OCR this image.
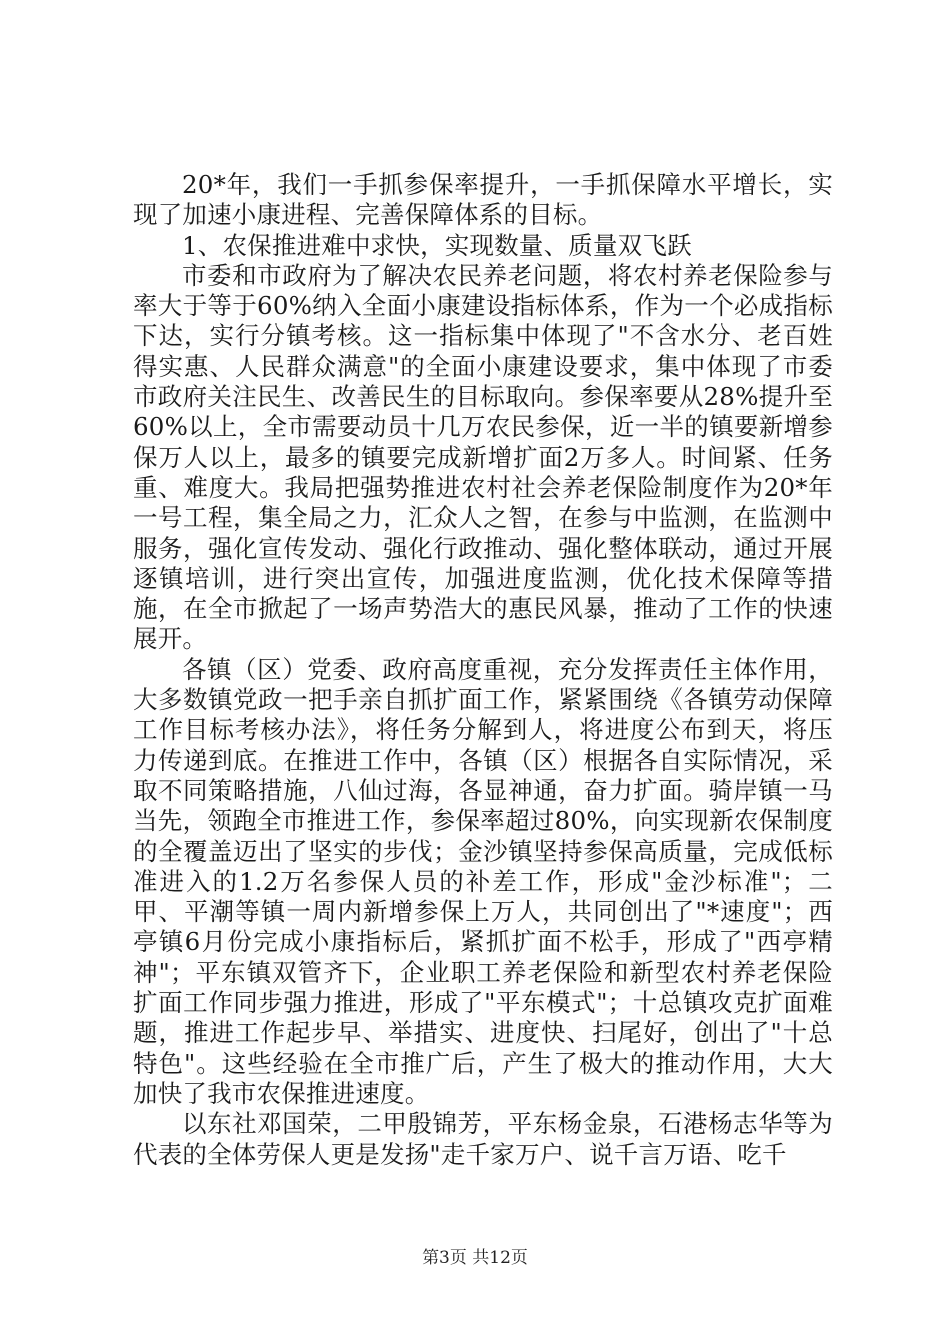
20*年，我们一手抓参保率提升，一手抓保障水平增长，实现了加速小康进程、完善保障体系的目标。

1、农保推进难中求快，实现数量、质量双飞跃

市委和市政府为了解决农民养老问题，将农村养老保险参与率大于等于60%纳入全面小康建设指标体系，作为一个必成指标下达，实行分镇考核。这一指标集中体现了"不含水分、老百姓得实惠、人民群众满意"的全面小康建设要求，集中体现了市委市政府关注民生、改善民生的目标取向。参保率要从28%提升至60%以上，全市需要动员十几万农民参保，近一半的镇要新增参保万人以上，最多的镇要完成新增扩面2万多人。时间紧、任务重、难度大。我局把强势推进农村社会养老保险制度作为20*年一号工程，集全局之力，汇众人之智，在参与中监测，在监测中服务，强化宣传发动、强化行政推动、强化整体联动，通过开展逐镇培训，进行突出宣传，加强进度监测，优化技术保障等措施，在全市掀起了一场声势浩大的惠民风暴，推动了工作的快速展开。

各镇（区）党委、政府高度重视，充分发挥责任主体作用，大多数镇党政一把手亲自抓扩面工作，紧紧围绕《各镇劳动保障工作目标考核办法》，将任务分解到人，将进度公布到天，将压力传递到底。在推进工作中，各镇（区）根据各自实际情况，采取不同策略措施，八仙过海，各显神通，奋力扩面。骑岸镇一马当先，领跑全市推进工作，参保率超过80%，向实现新农保制度的全覆盖迈出了坚实的步伐；金沙镇坚持参保高质量，完成低标准进入的1.2万名参保人员的补差工作，形成"金沙标准"；二甲、平潮等镇一周内新增参保上万人，共同创出了"*速度"；西亭镇6月份完成小康指标后，紧抓扩面不松手，形成了"西亭精神"；平东镇双管齐下，企业职工养老保险和新型农村养老保险扩面工作同步强力推进，形成了"平东模式"；十总镇攻克扩面难题，推进工作起步早、举措实、进度快、扫尾好，创出了"十总特色"。这些经验在全市推广后，产生了极大的推动作用，大大加快了我市农保推进速度。

以东社邓国荣，二甲殷锦芳，平东杨金泉，石港杨志华等为代表的全体劳保人更是发扬"走千家万户、说千言万语、吃千

第3页 共12页
